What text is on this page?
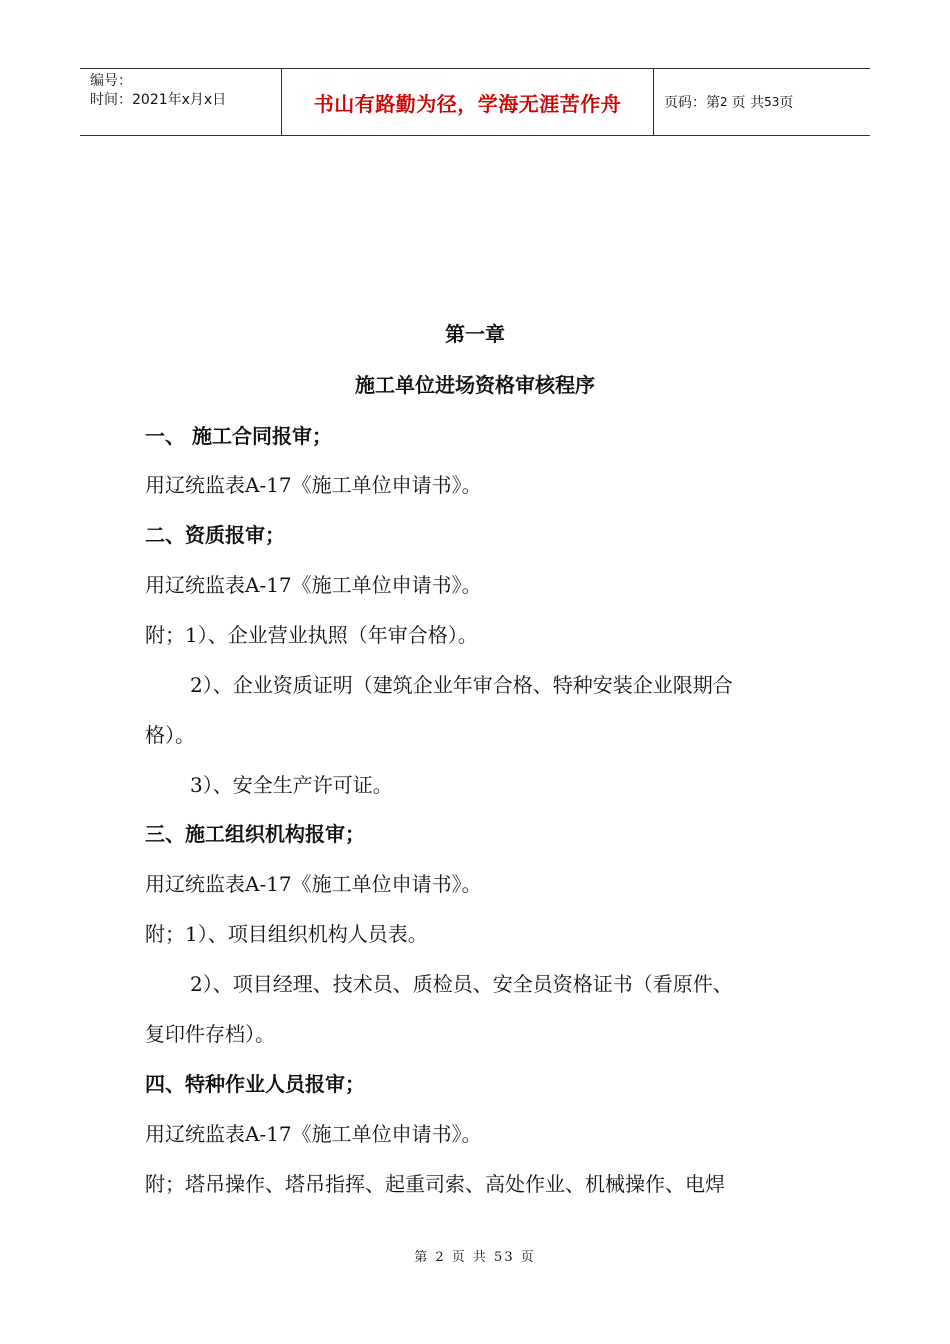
编号：
时间：2021年x月x日	书山有路勤为径，学海无涯苦作舟	页码：第 2 页 共 53 页
第一章
施工单位进场资格审核程序
一、 施工合同报审；
用辽统监表A-17《施工单位申请书》。
二、资质报审；
用辽统监表A-17《施工单位申请书》。
附；1）、企业营业执照（年审合格）。
2）、企业资质证明（建筑企业年审合格、特种安装企业限期合
格）。
3）、安全生产许可证。
三、施工组织机构报审；
用辽统监表A-17《施工单位申请书》。
附；1）、项目组织机构人员表。
2）、项目经理、技术员、质检员、安全员资格证书（看原件、
复印件存档）。
四、特种作业人员报审；
用辽统监表A-17《施工单位申请书》。
附；塔吊操作、塔吊指挥、起重司索、高处作业、机械操作、电焊
第 2 页 共 53 页
